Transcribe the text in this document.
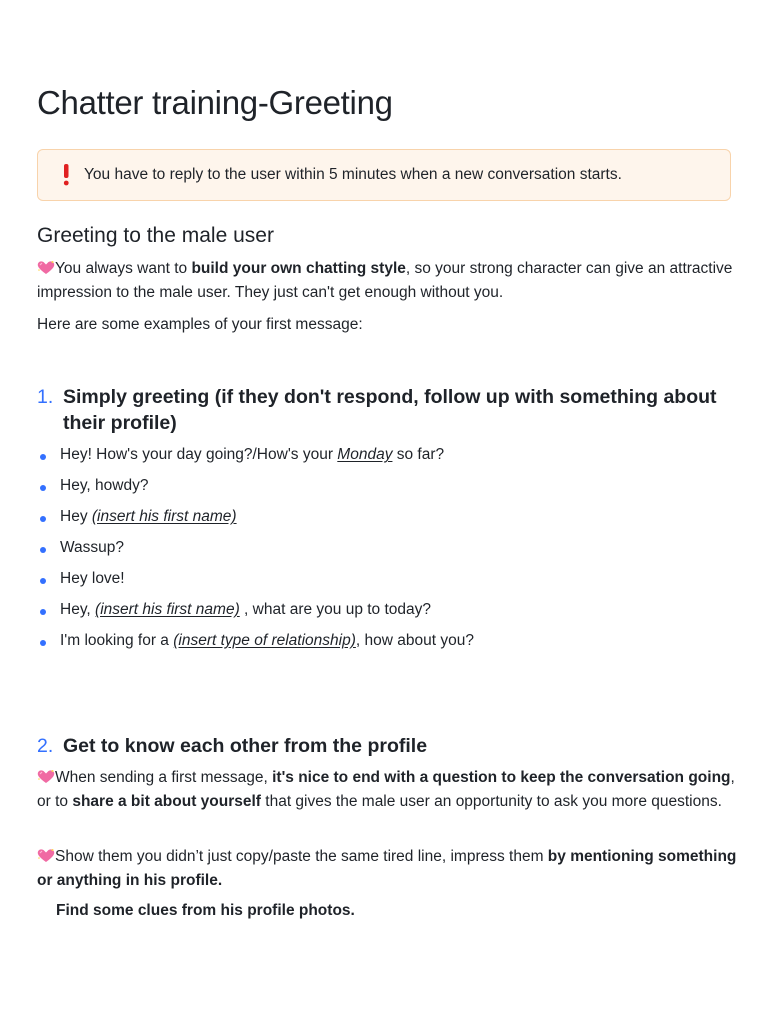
Chatter training-Greeting
You have to reply to the user within 5 minutes when a new conversation starts.
Greeting to the male user

You always want to build your own chatting style, so your strong character can give an attractive impression to the male user. They just can't get enough without you.

Here are some examples of your first message:

1. Simply greeting (if they don't respond, follow up with something about their profile)
Hey! How's your day going?/How's your Monday so far?
Hey, howdy?
Hey (insert his first name)
Wassup?
Hey love!
Hey, (insert his first name) , what are you up to today?
I'm looking for a (insert type of relationship), how about you?
2. Get to know each other from the profile

When sending a first message, it's nice to end with a question to keep the conversation going, or to share a bit about yourself that gives the male user an opportunity to ask you more questions.

Show them you didn’t just copy/paste the same tired line, impress them by mentioning something or anything in his profile.

Find some clues from his profile photos.
